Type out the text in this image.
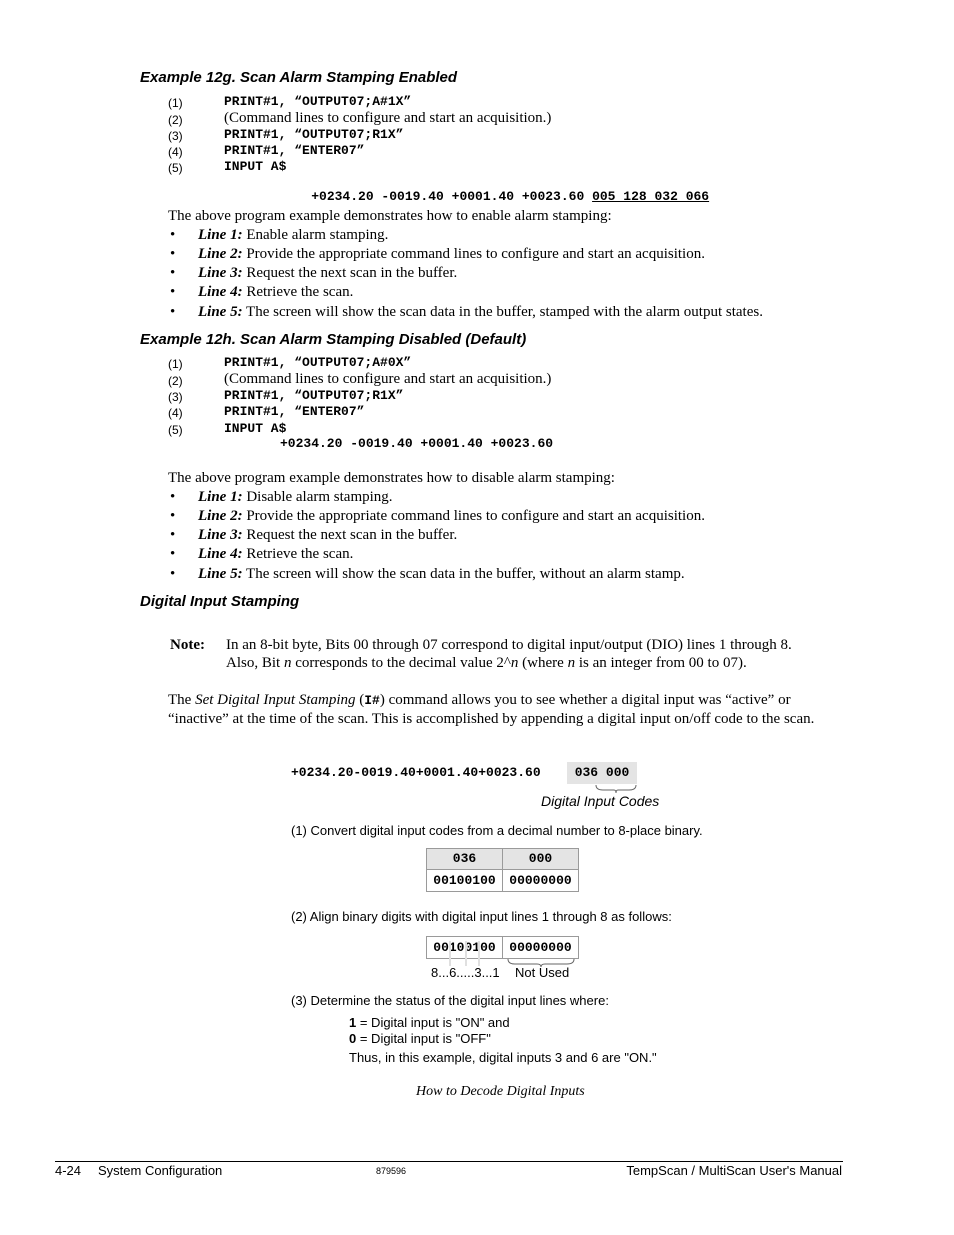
Example 12g. Scan Alarm Stamping Enabled
(1)	PRINT#1, “OUTPUT07;A#1X”
(2)	(Command lines to configure and start an acquisition.)
(3)	PRINT#1, “OUTPUT07;R1X”
(4)	PRINT#1, “ENTER07”
(5)	INPUT A$

+0234.20 -0019.40 +0001.40 +0023.60 005 128 032 066

The above program example demonstrates how to enable alarm stamping:
• Line 1: Enable alarm stamping.
• Line 2: Provide the appropriate command lines to configure and start an acquisition.
• Line 3: Request the next scan in the buffer.
• Line 4: Retrieve the scan.
• Line 5: The screen will show the scan data in the buffer, stamped with the alarm output states.
Example 12h. Scan Alarm Stamping Disabled (Default)
(1)	PRINT#1, “OUTPUT07;A#0X”
(2)	(Command lines to configure and start an acquisition.)
(3)	PRINT#1, “OUTPUT07;R1X”
(4)	PRINT#1, “ENTER07”
(5)	INPUT A$
+0234.20 -0019.40 +0001.40 +0023.60
The above program example demonstrates how to disable alarm stamping:
• Line 1: Disable alarm stamping.
• Line 2: Provide the appropriate command lines to configure and start an acquisition.
• Line 3: Request the next scan in the buffer.
• Line 4: Retrieve the scan.
• Line 5: The screen will show the scan data in the buffer, without an alarm stamp.
Digital Input Stamping
Note: In an 8-bit byte, Bits 00 through 07 correspond to digital input/output (DIO) lines 1 through 8. Also, Bit n corresponds to the decimal value 2^n (where n is an integer from 00 to 07).
The Set Digital Input Stamping (I#) command allows you to see whether a digital input was “active” or “inactive” at the time of the scan. This is accomplished by appending a digital input on/off code to the scan.
+0234.20-0019.40+0001.40+0023.60	036 000
Digital Input Codes
(1) Convert digital input codes from a decimal number to 8-place binary.
036	000
00100100	00000000
(2) Align binary digits with digital input lines 1 through 8 as follows:
00100100	00000000
8...6.....3...1 Not Used
(3) Determine the status of the digital input lines where:
1 = Digital input is "ON" and
0 = Digital input is "OFF"
Thus, in this example, digital inputs 3 and 6 are "ON."
How to Decode Digital Inputs
4-24 System Configuration	879596	TempScan / MultiScan User's Manual
